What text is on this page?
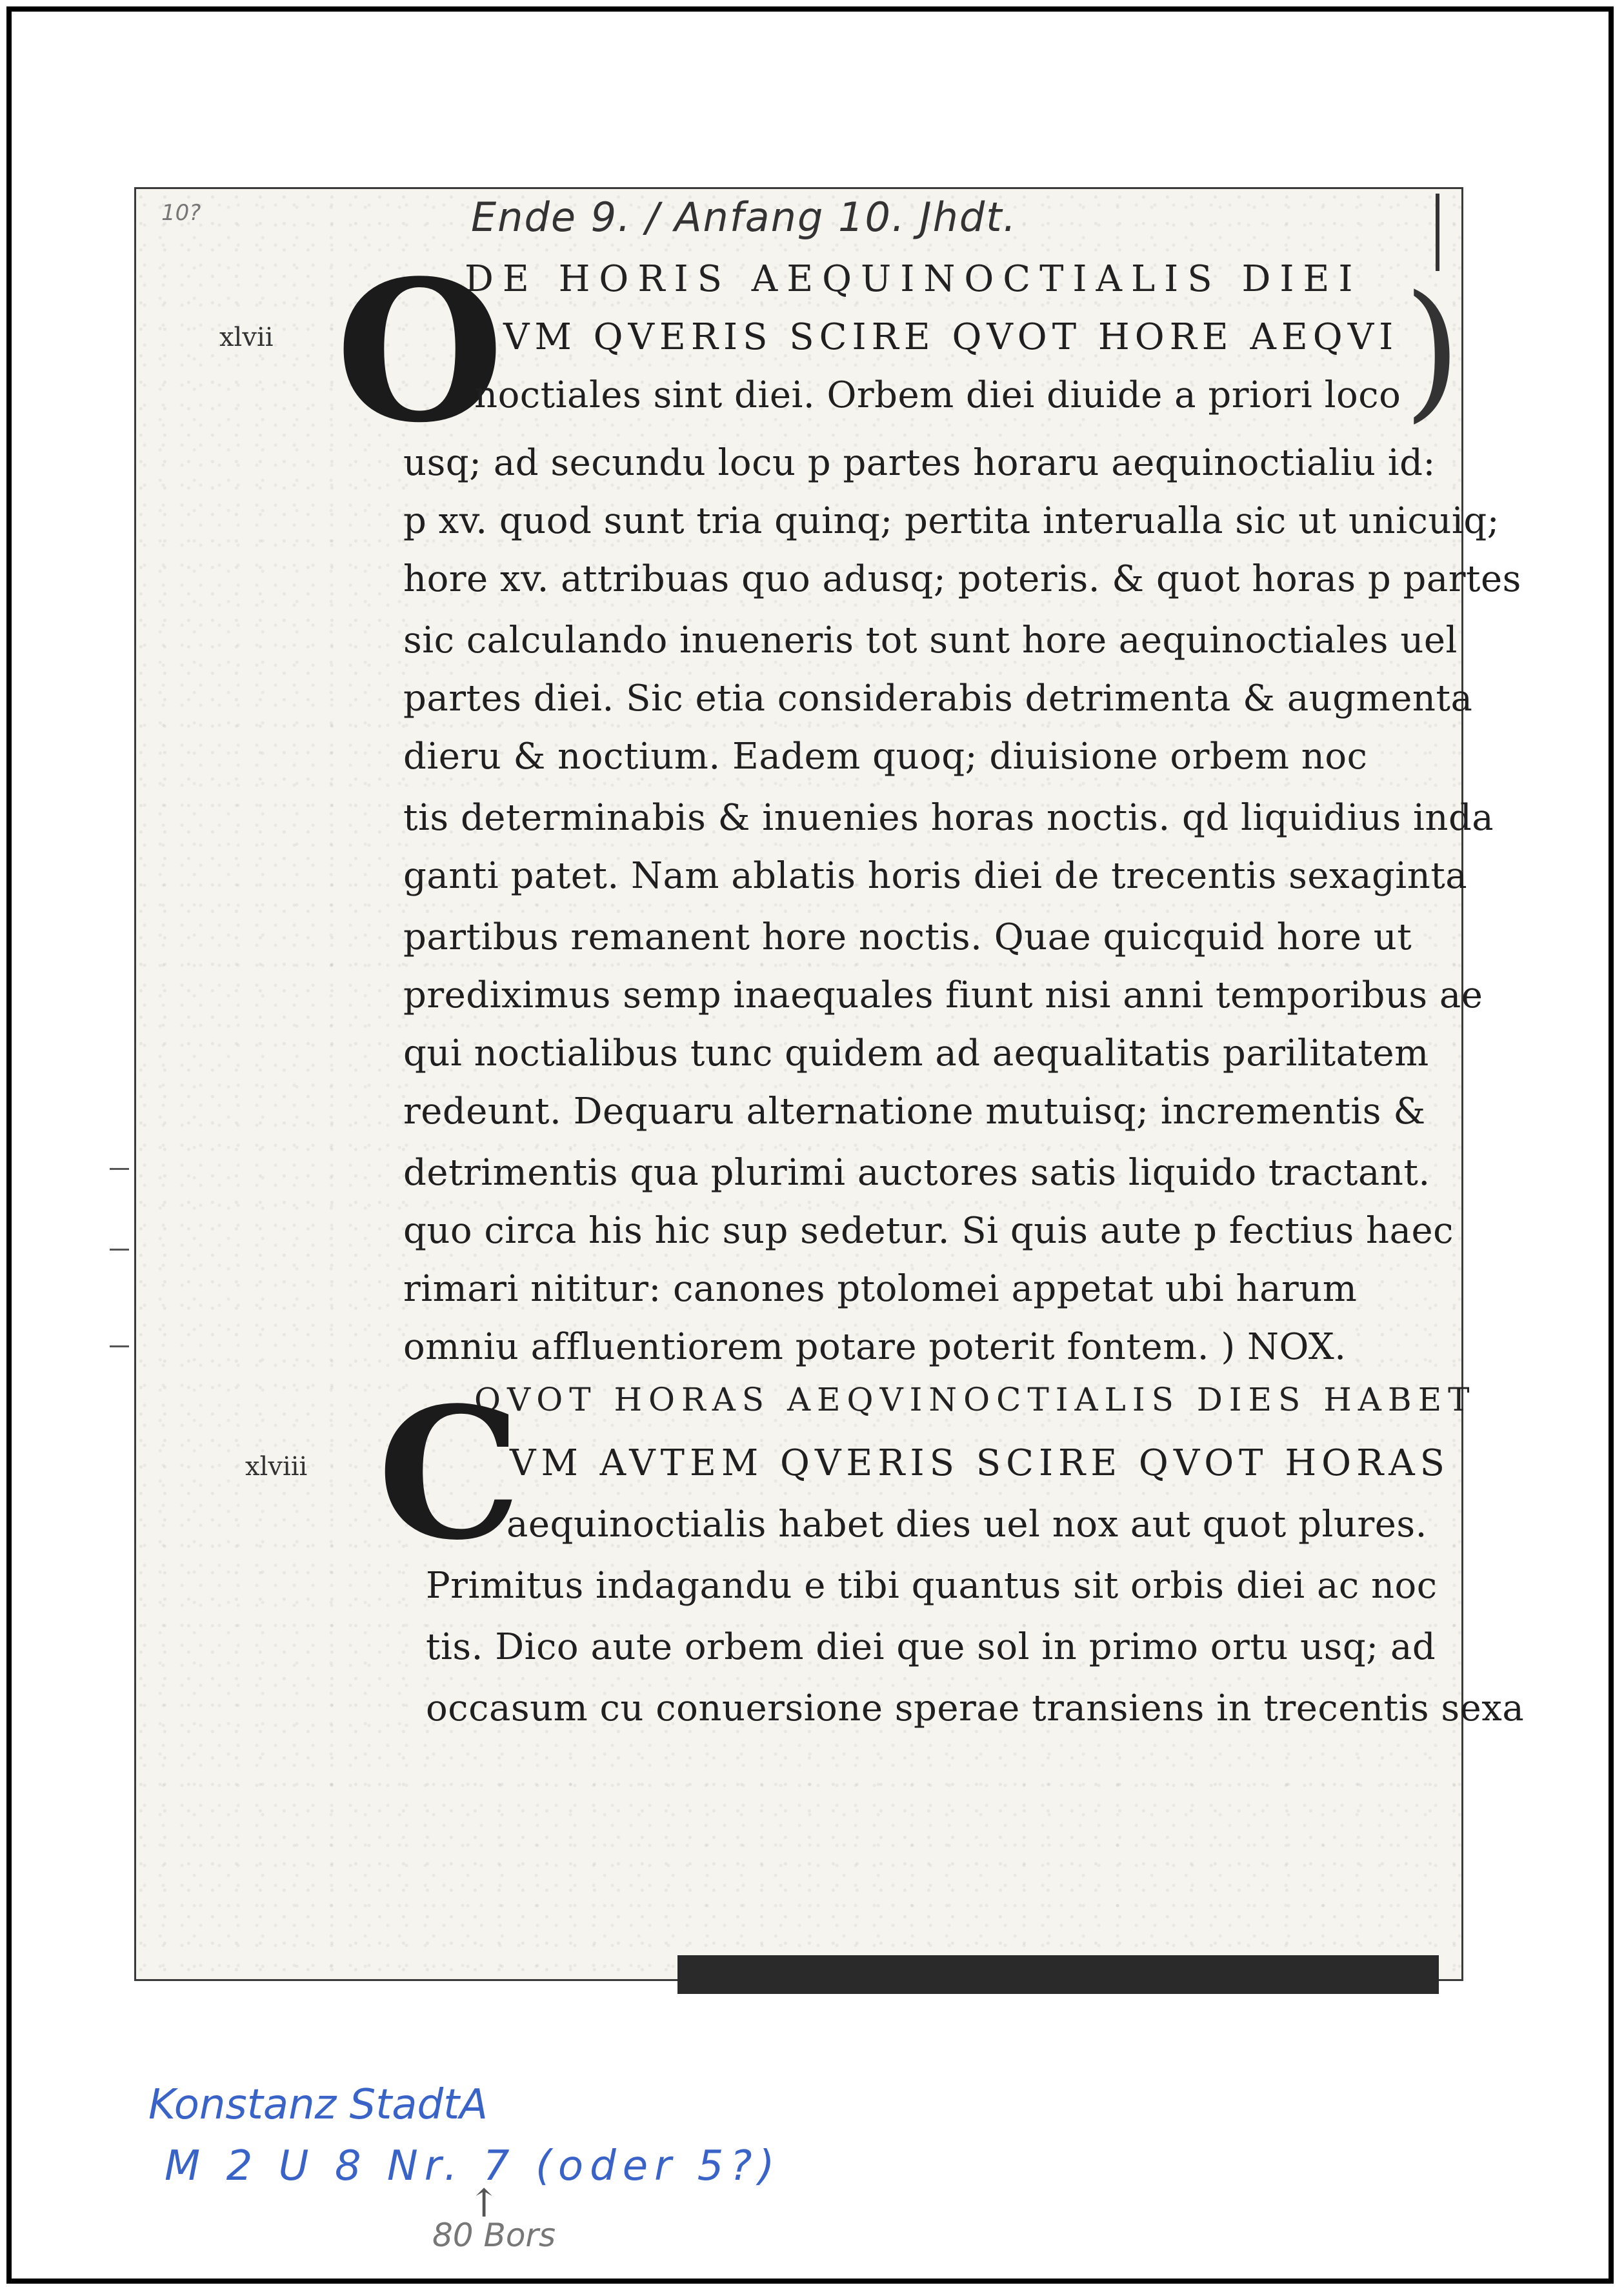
10?	Ende 9. / Anfang 10. Jhdt.
xlvii
DE HORIS AEQUINOCTIALIS DIEI
O	)
VM QVERIS SCIRE QVOT HORE AEQVI
noctiales sint diei. Orbem diei diuide a priori loco
usq; ad secundu locu p partes horaru aequinoctialiu id:
p xv. quod sunt tria quinq; pertita interualla sic ut unicuiq;
hore xv. attribuas quo adusq; poteris. & quot horas p partes
sic calculando inueneris tot sunt hore aequinoctiales uel
partes diei. Sic etia considerabis detrimenta & augmenta
dieru & noctium. Eadem quoq; diuisione orbem noc
tis determinabis & inuenies horas noctis. qd liquidius inda
ganti patet. Nam ablatis horis diei de trecentis sexaginta
partibus remanent hore noctis. Quae quicquid hore ut
prediximus semp inaequales fiunt nisi anni temporibus ae
qui noctialibus tunc quidem ad aequalitatis parilitatem
redeunt. Dequaru alternatione mutuisq; incrementis &
detrimentis qua plurimi auctores satis liquido tractant.
quo circa his hic sup sedetur. Si quis aute p fectius haec
rimari nititur: canones ptolomei appetat ubi harum
omniu affluentiorem potare poterit fontem. ) NOX.
QVOT HORAS AEQVINOCTIALIS DIES HABET
xlviii C
VM AVTEM QVERIS SCIRE QVOT HORAS
aequinoctialis habet dies uel nox aut quot plures.
Primitus indagandu e tibi quantus sit orbis diei ac noc
tis. Dico aute orbem diei que sol in primo ortu usq; ad
occasum cu conuersione sperae transiens in trecentis sexa
Konstanz StadtA
M 2 U 8 Nr. 7 (oder 5?)
↑
80 Bors
